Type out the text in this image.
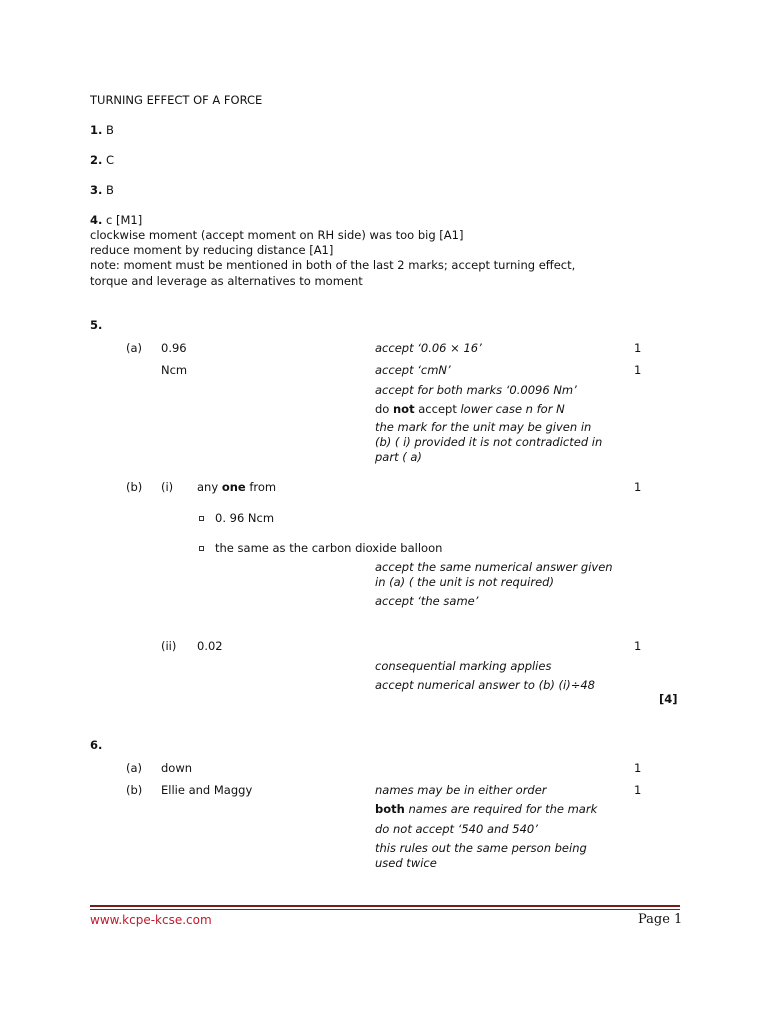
TURNING EFFECT OF A FORCE
1. B
2. C
3. B
4. c [M1]
clockwise moment (accept moment on RH side) was too big [A1]
reduce moment by reducing distance [A1]
note: moment must be mentioned in both of the last 2 marks; accept turning effect,
torque and leverage as alternatives to moment
5.
(a) 0.96	accept ‘0.06 × 16’	1
Ncm	accept ‘cmN’	1
accept for both marks ‘0.0096 Nm’
do not accept lower case n for N
the mark for the unit may be given in
(b) ( i) provided it is not contradicted in
part ( a)
(b) (i) any one from	1
0. 96 Ncm
the same as the carbon dioxide balloon
accept the same numerical answer given
in (a) ( the unit is not required)
accept ‘the same’
(ii) 0.02	1
consequential marking applies
accept numerical answer to (b) (i)÷48
[4]
6.
(a) down	1
(b) Ellie and Maggy	names may be in either order	1
both names are required for the mark
do not accept ‘540 and 540’
this rules out the same person being
used twice
www.kcpe-kcse.com	Page 1
